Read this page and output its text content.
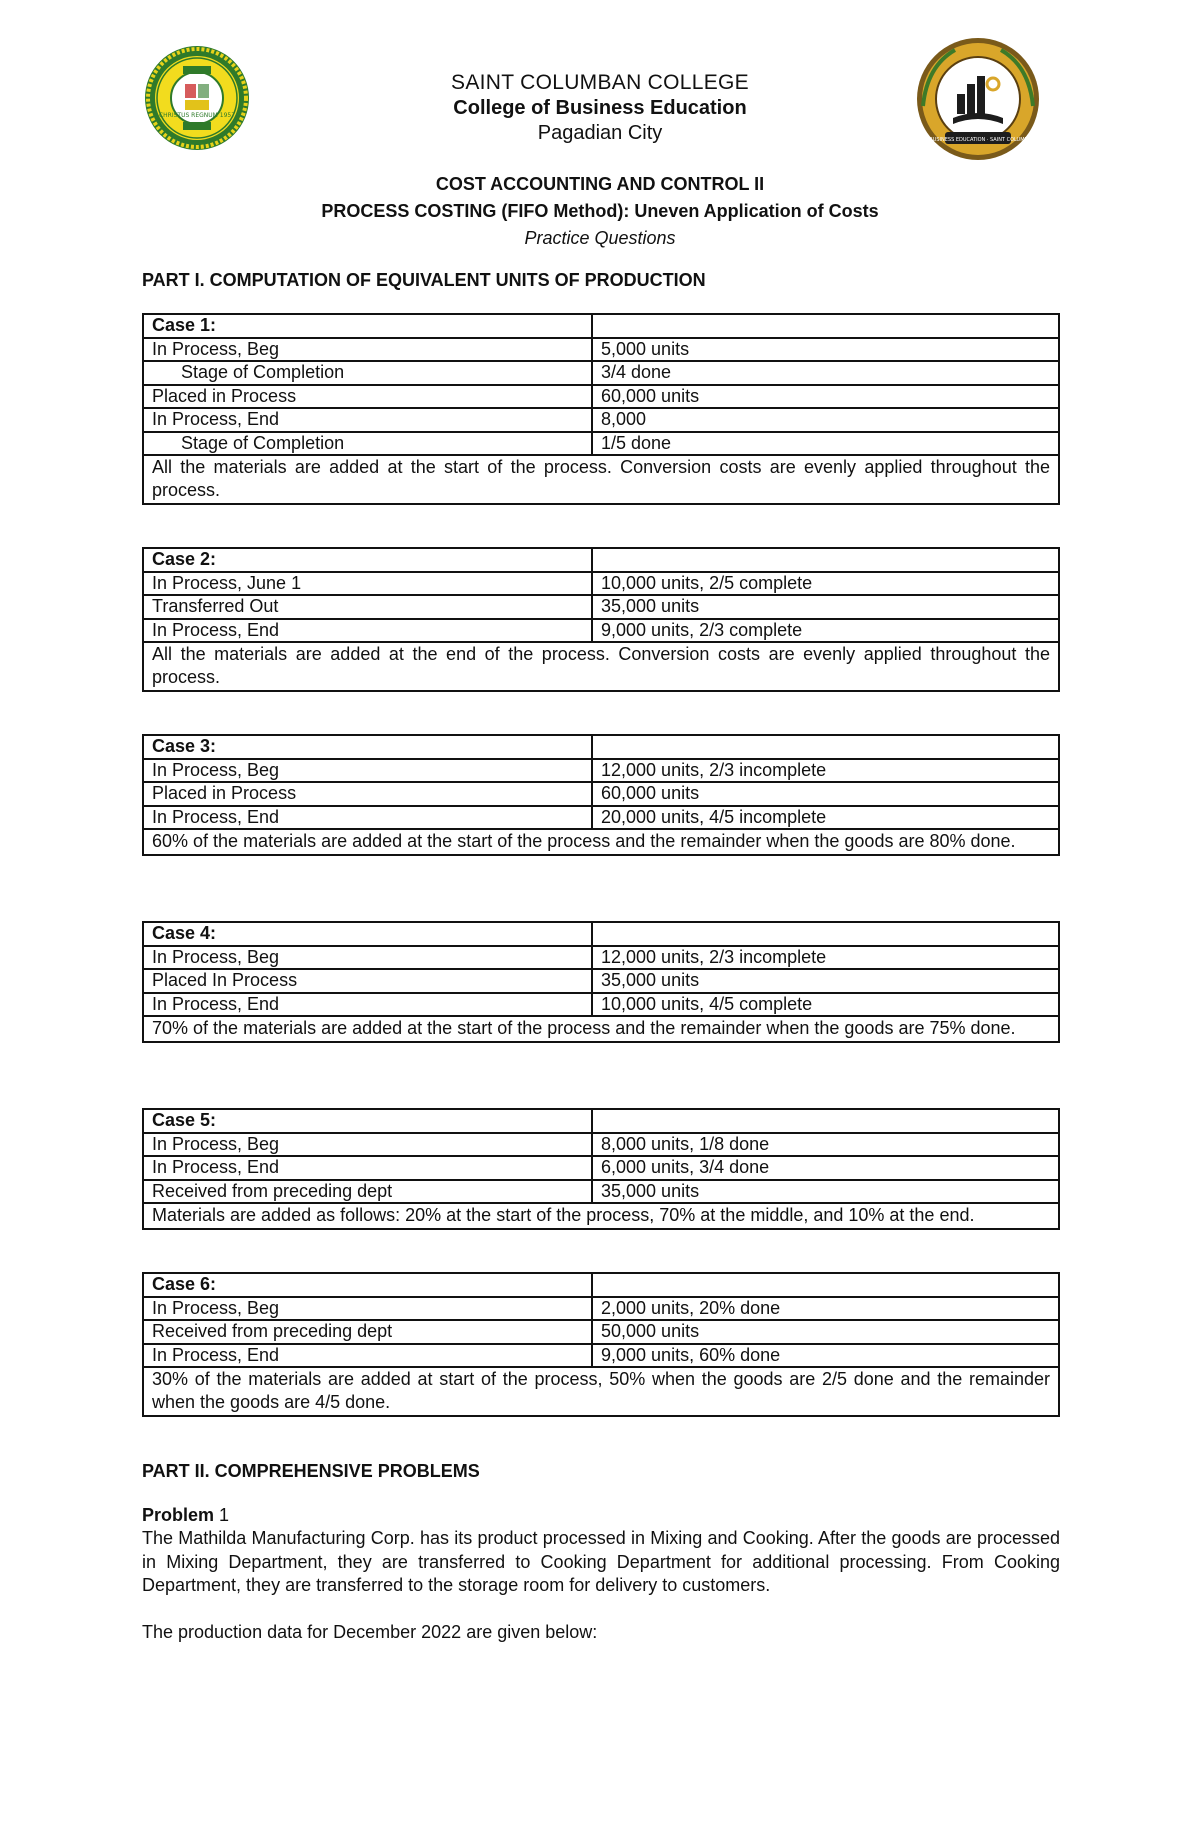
CHRISTUS REGNUM 1957
COLLEGE OF BUSINESS EDUCATION · SAINT COLUMBAN COLLEGE
SAINT COLUMBAN COLLEGE
College of Business Education
Pagadian City
COST ACCOUNTING AND CONTROL II
PROCESS COSTING (FIFO Method): Uneven Application of Costs
Practice Questions
PART I. COMPUTATION OF EQUIVALENT UNITS OF PRODUCTION
Case 1:	
In Process, Beg	5,000 units
Stage of Completion	3/4 done
Placed in Process	60,000 units
In Process, End	8,000
Stage of Completion	1/5 done
All the materials are added at the start of the process. Conversion costs are evenly applied throughout the process.	
Case 2:	
In Process, June 1	10,000 units, 2/5 complete
Transferred Out	35,000 units
In Process, End	9,000 units, 2/3 complete
All the materials are added at the end of the process. Conversion costs are evenly applied throughout the process.	
Case 3:	
In Process, Beg	12,000 units, 2/3 incomplete
Placed in Process	60,000 units
In Process, End	20,000 units, 4/5 incomplete
60% of the materials are added at the start of the process and the remainder when the goods are 80% done.	
Case 4:	
In Process, Beg	12,000 units, 2/3 incomplete
Placed In Process	35,000 units
In Process, End	10,000 units, 4/5 complete
70% of the materials are added at the start of the process and the remainder when the goods are 75% done.	
Case 5:	
In Process, Beg	8,000 units, 1/8 done
In Process, End	6,000 units, 3/4 done
Received from preceding dept	35,000 units
Materials are added as follows: 20% at the start of the process, 70% at the middle, and 10% at the end.	
Case 6:	
In Process, Beg	2,000 units, 20% done
Received from preceding dept	50,000 units
In Process, End	9,000 units, 60% done
30% of the materials are added at start of the process, 50% when the goods are 2/5 done and the remainder when the goods are 4/5 done.	
PART II. COMPREHENSIVE PROBLEMS
Problem 1
The Mathilda Manufacturing Corp. has its product processed in Mixing and Cooking. After the goods are processed in Mixing Department, they are transferred to Cooking Department for additional processing. From Cooking Department, they are transferred to the storage room for delivery to customers.
The production data for December 2022 are given below:
